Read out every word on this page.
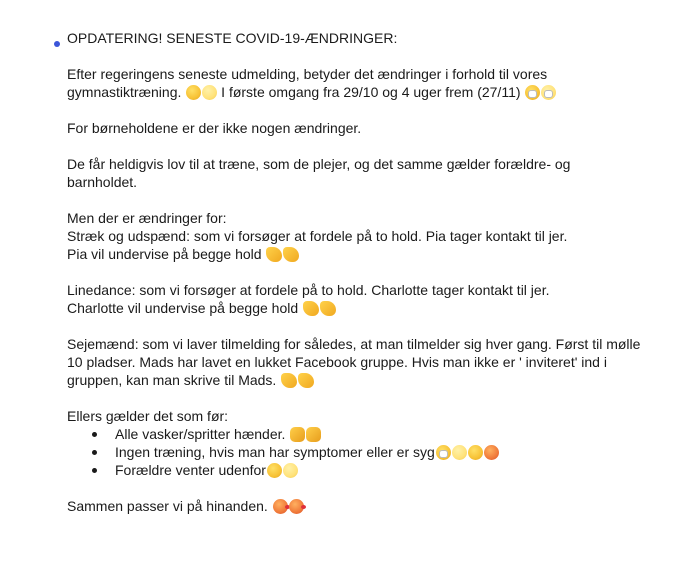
OPDATERING! SENESTE COVID-19-ÆNDRINGER:

Efter regeringens seneste udmelding, betyder det ændringer i forhold til vores
gymnastiktræning.	I første omgang fra 29/10 og 4 uger frem (27/11)

For børneholdene er der ikke nogen ændringer.

De får heldigvis lov til at træne, som de plejer, og det samme gælder forældre- og
barnholdet.

Men der er ændringer for:
Stræk og udspænd: som vi forsøger at fordele på to hold. Pia tager kontakt til jer.
Pia vil undervise på begge hold

Linedance: som vi forsøger at fordele på to hold. Charlotte tager kontakt til jer.
Charlotte vil undervise på begge hold

Sejemænd: som vi laver tilmelding for således, at man tilmelder sig hver gang. Først til mølle
10 pladser. Mads har lavet en lukket Facebook gruppe. Hvis man ikke er ' inviteret' ind i
gruppen, kan man skrive til Mads.

Ellers gælder det som før:

Alle vasker/spritter hænder.
Ingen træning, hvis man har symptomer eller er syg
Forældre venter udenfor

Sammen passer vi på hinanden.
